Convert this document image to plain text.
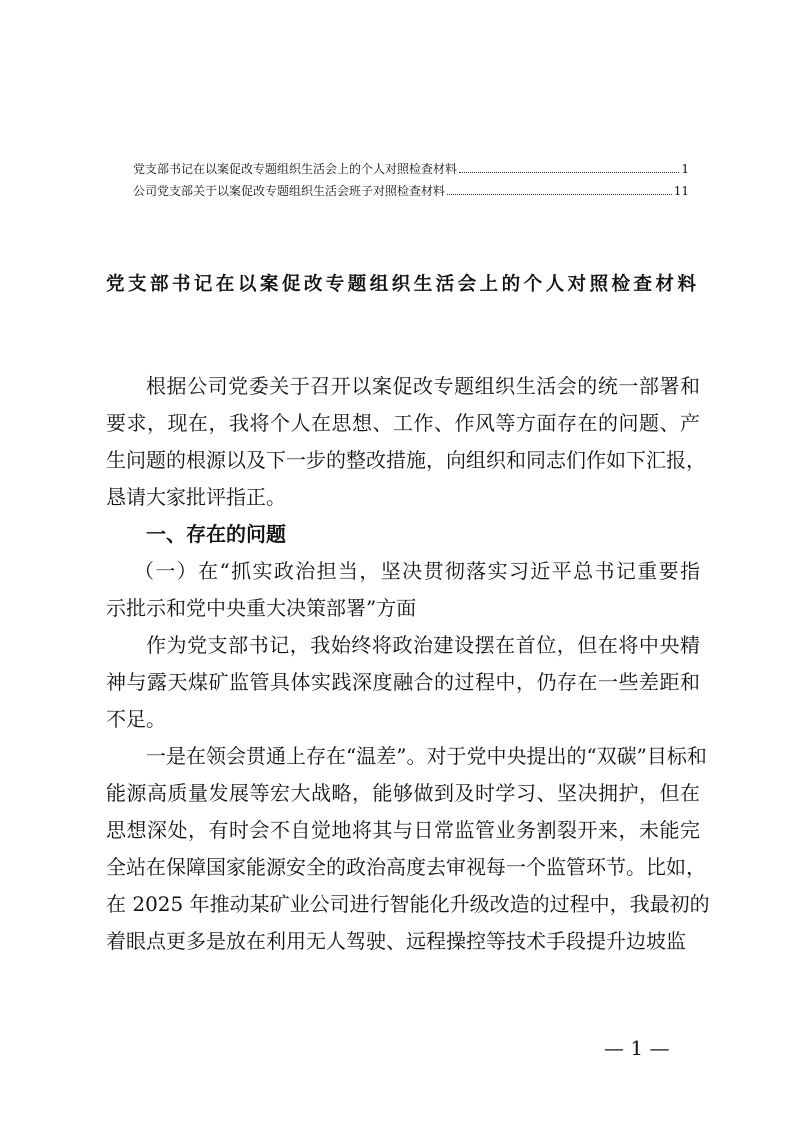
党支部书记在以案促改专题组织生活会上的个人对照检查材料	1
公司党支部关于以案促改专题组织生活会班子对照检查材料	11
党支部书记在以案促改专题组织生活会上的个人对照检查材料
根据公司党委关于召开以案促改专题组织生活会的统一部署和
要求，现在，我将个人在思想、工作、作风等方面存在的问题、产
生问题的根源以及下一步的整改措施，向组织和同志们作如下汇报，
恳请大家批评指正。
一、存在的问题
（一）在“抓实政治担当，坚决贯彻落实习近平总书记重要指
示批示和党中央重大决策部署”方面
作为党支部书记，我始终将政治建设摆在首位，但在将中央精
神与露天煤矿监管具体实践深度融合的过程中，仍存在一些差距和
不足。
一是在领会贯通上存在“温差”。对于党中央提出的“双碳”目标和
能源高质量发展等宏大战略，能够做到及时学习、坚决拥护，但在
思想深处，有时会不自觉地将其与日常监管业务割裂开来，未能完
全站在保障国家能源安全的政治高度去审视每一个监管环节。比如，
在 2025 年推动某矿业公司进行智能化升级改造的过程中，我最初的
着眼点更多是放在利用无人驾驶、远程操控等技术手段提升边坡监
— 1 —
